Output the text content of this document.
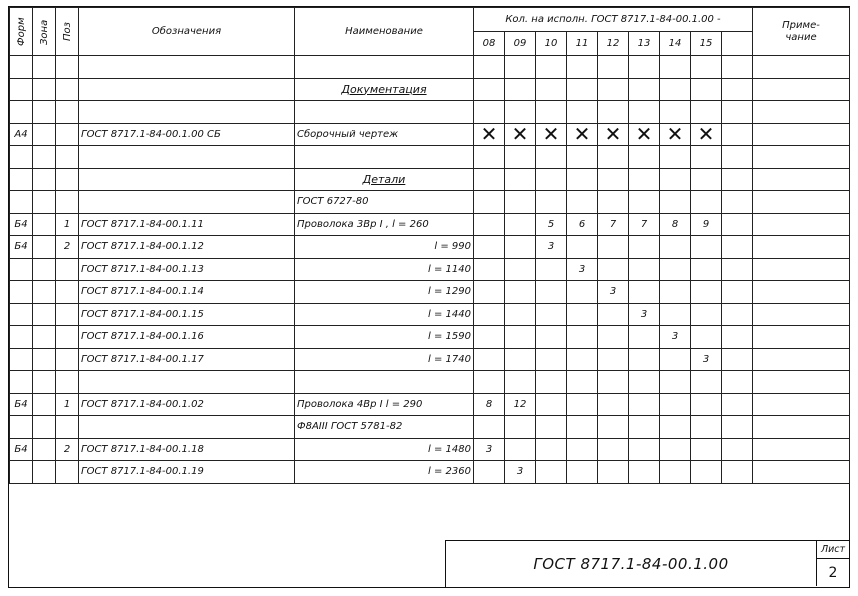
Форм	Зона	Поз	Обозначения	Наименование	Кол. на исполн. ГОСТ 8717.1-84-00.1.00 -									Приме-
чание
					08	09	10	11	12	13	14	15		

				Документация										

А4			ГОСТ 8717.1-84-00.1.00 СБ	Сборочный чертеж	✕	✕	✕	✕	✕	✕	✕	✕		

				Детали										
				ГОСТ 6727-80										
Б4		1	ГОСТ 8717.1-84-00.1.11	Проволока 3Вр I , l = 260			5	6	7	7	8	9		
Б4		2	ГОСТ 8717.1-84-00.1.12	l = 990			3							
			ГОСТ 8717.1-84-00.1.13	l = 1140				3						
			ГОСТ 8717.1-84-00.1.14	l = 1290					3					
			ГОСТ 8717.1-84-00.1.15	l = 1440						3				
			ГОСТ 8717.1-84-00.1.16	l = 1590							3			
			ГОСТ 8717.1-84-00.1.17	l = 1740								3		

Б4		1	ГОСТ 8717.1-84-00.1.02	Проволока 4Вр I l = 290	8	12								
				Ф8АIII ГОСТ 5781-82										
Б4		2	ГОСТ 8717.1-84-00.1.18	l = 1480	3									
			ГОСТ 8717.1-84-00.1.19	l = 2360		3								
ГОСТ 8717.1-84-00.1.00
Лист
2
